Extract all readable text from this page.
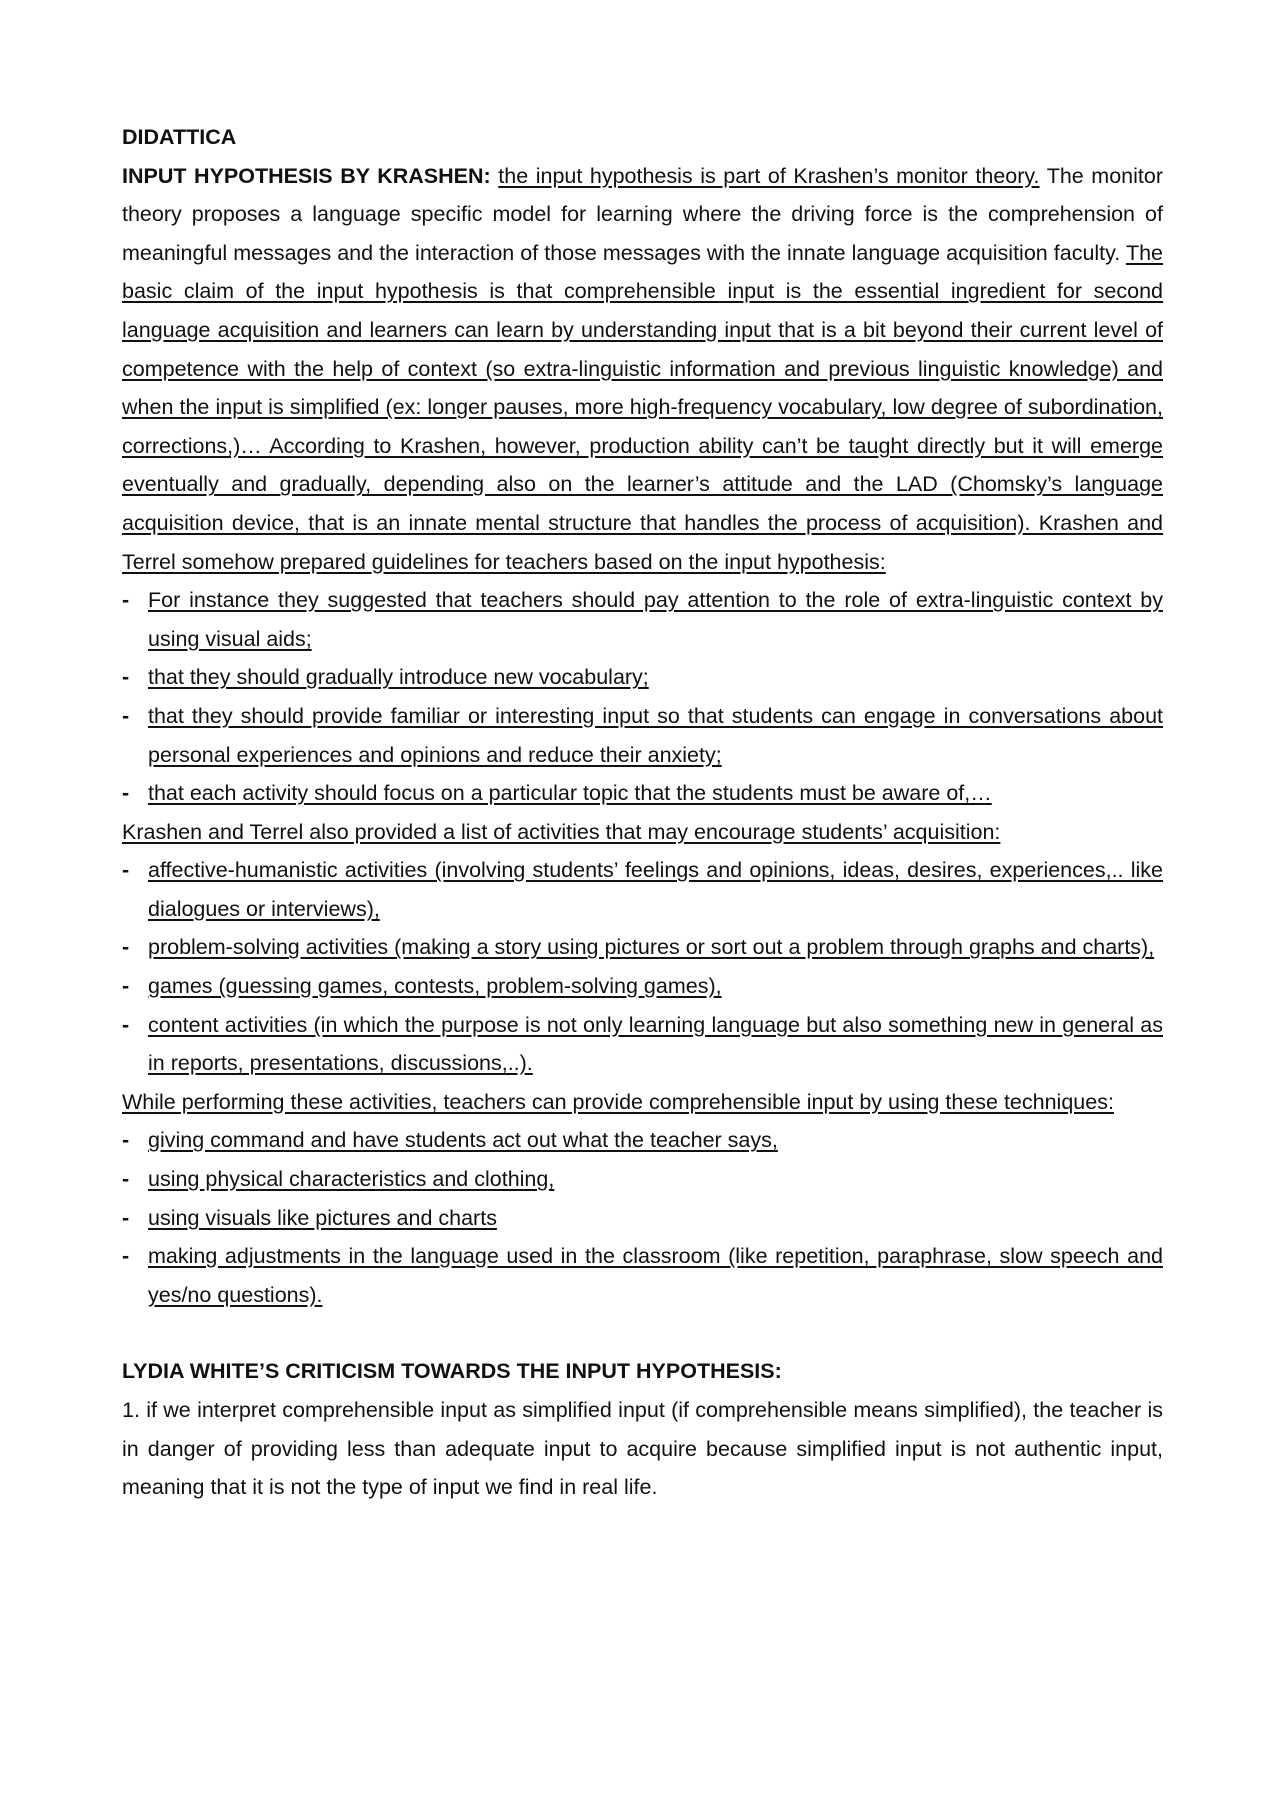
DIDATTICA

INPUT HYPOTHESIS BY KRASHEN: the input hypothesis is part of Krashen’s monitor theory. The monitor theory proposes a language specific model for learning where the driving force is the comprehension of meaningful messages and the interaction of those messages with the innate language acquisition faculty. The basic claim of the input hypothesis is that comprehensible input is the essential ingredient for second language acquisition and learners can learn by understanding input that is a bit beyond their current level of competence with the help of context (so extra-linguistic information and previous linguistic knowledge) and when the input is simplified (ex: longer pauses, more high-frequency vocabulary, low degree of subordination, corrections,)… According to Krashen, however, production ability can’t be taught directly but it will emerge eventually and gradually, depending also on the learner’s attitude and the LAD (Chomsky’s language acquisition device, that is an innate mental structure that handles the process of acquisition). Krashen and Terrel somehow prepared guidelines for teachers based on the input hypothesis:

- For instance they suggested that teachers should pay attention to the role of extra-linguistic context by using visual aids;
- that they should gradually introduce new vocabulary;
- that they should provide familiar or interesting input so that students can engage in conversations about personal experiences and opinions and reduce their anxiety;
- that each activity should focus on a particular topic that the students must be aware of,…

Krashen and Terrel also provided a list of activities that may encourage students’ acquisition:

- affective-humanistic activities (involving students’ feelings and opinions, ideas, desires, experiences,.. like dialogues or interviews),
- problem-solving activities (making a story using pictures or sort out a problem through graphs and charts),
- games (guessing games, contests, problem-solving games),
- content activities (in which the purpose is not only learning language but also something new in general as in reports, presentations, discussions,..).

While performing these activities, teachers can provide comprehensible input by using these techniques:

- giving command and have students act out what the teacher says,
- using physical characteristics and clothing,
- using visuals like pictures and charts
- making adjustments in the language used in the classroom (like repetition, paraphrase, slow speech and yes/no questions).

LYDIA WHITE’S CRITICISM TOWARDS THE INPUT HYPOTHESIS:

1. if we interpret comprehensible input as simplified input (if comprehensible means simplified), the teacher is in danger of providing less than adequate input to acquire because simplified input is not authentic input, meaning that it is not the type of input we find in real life.
